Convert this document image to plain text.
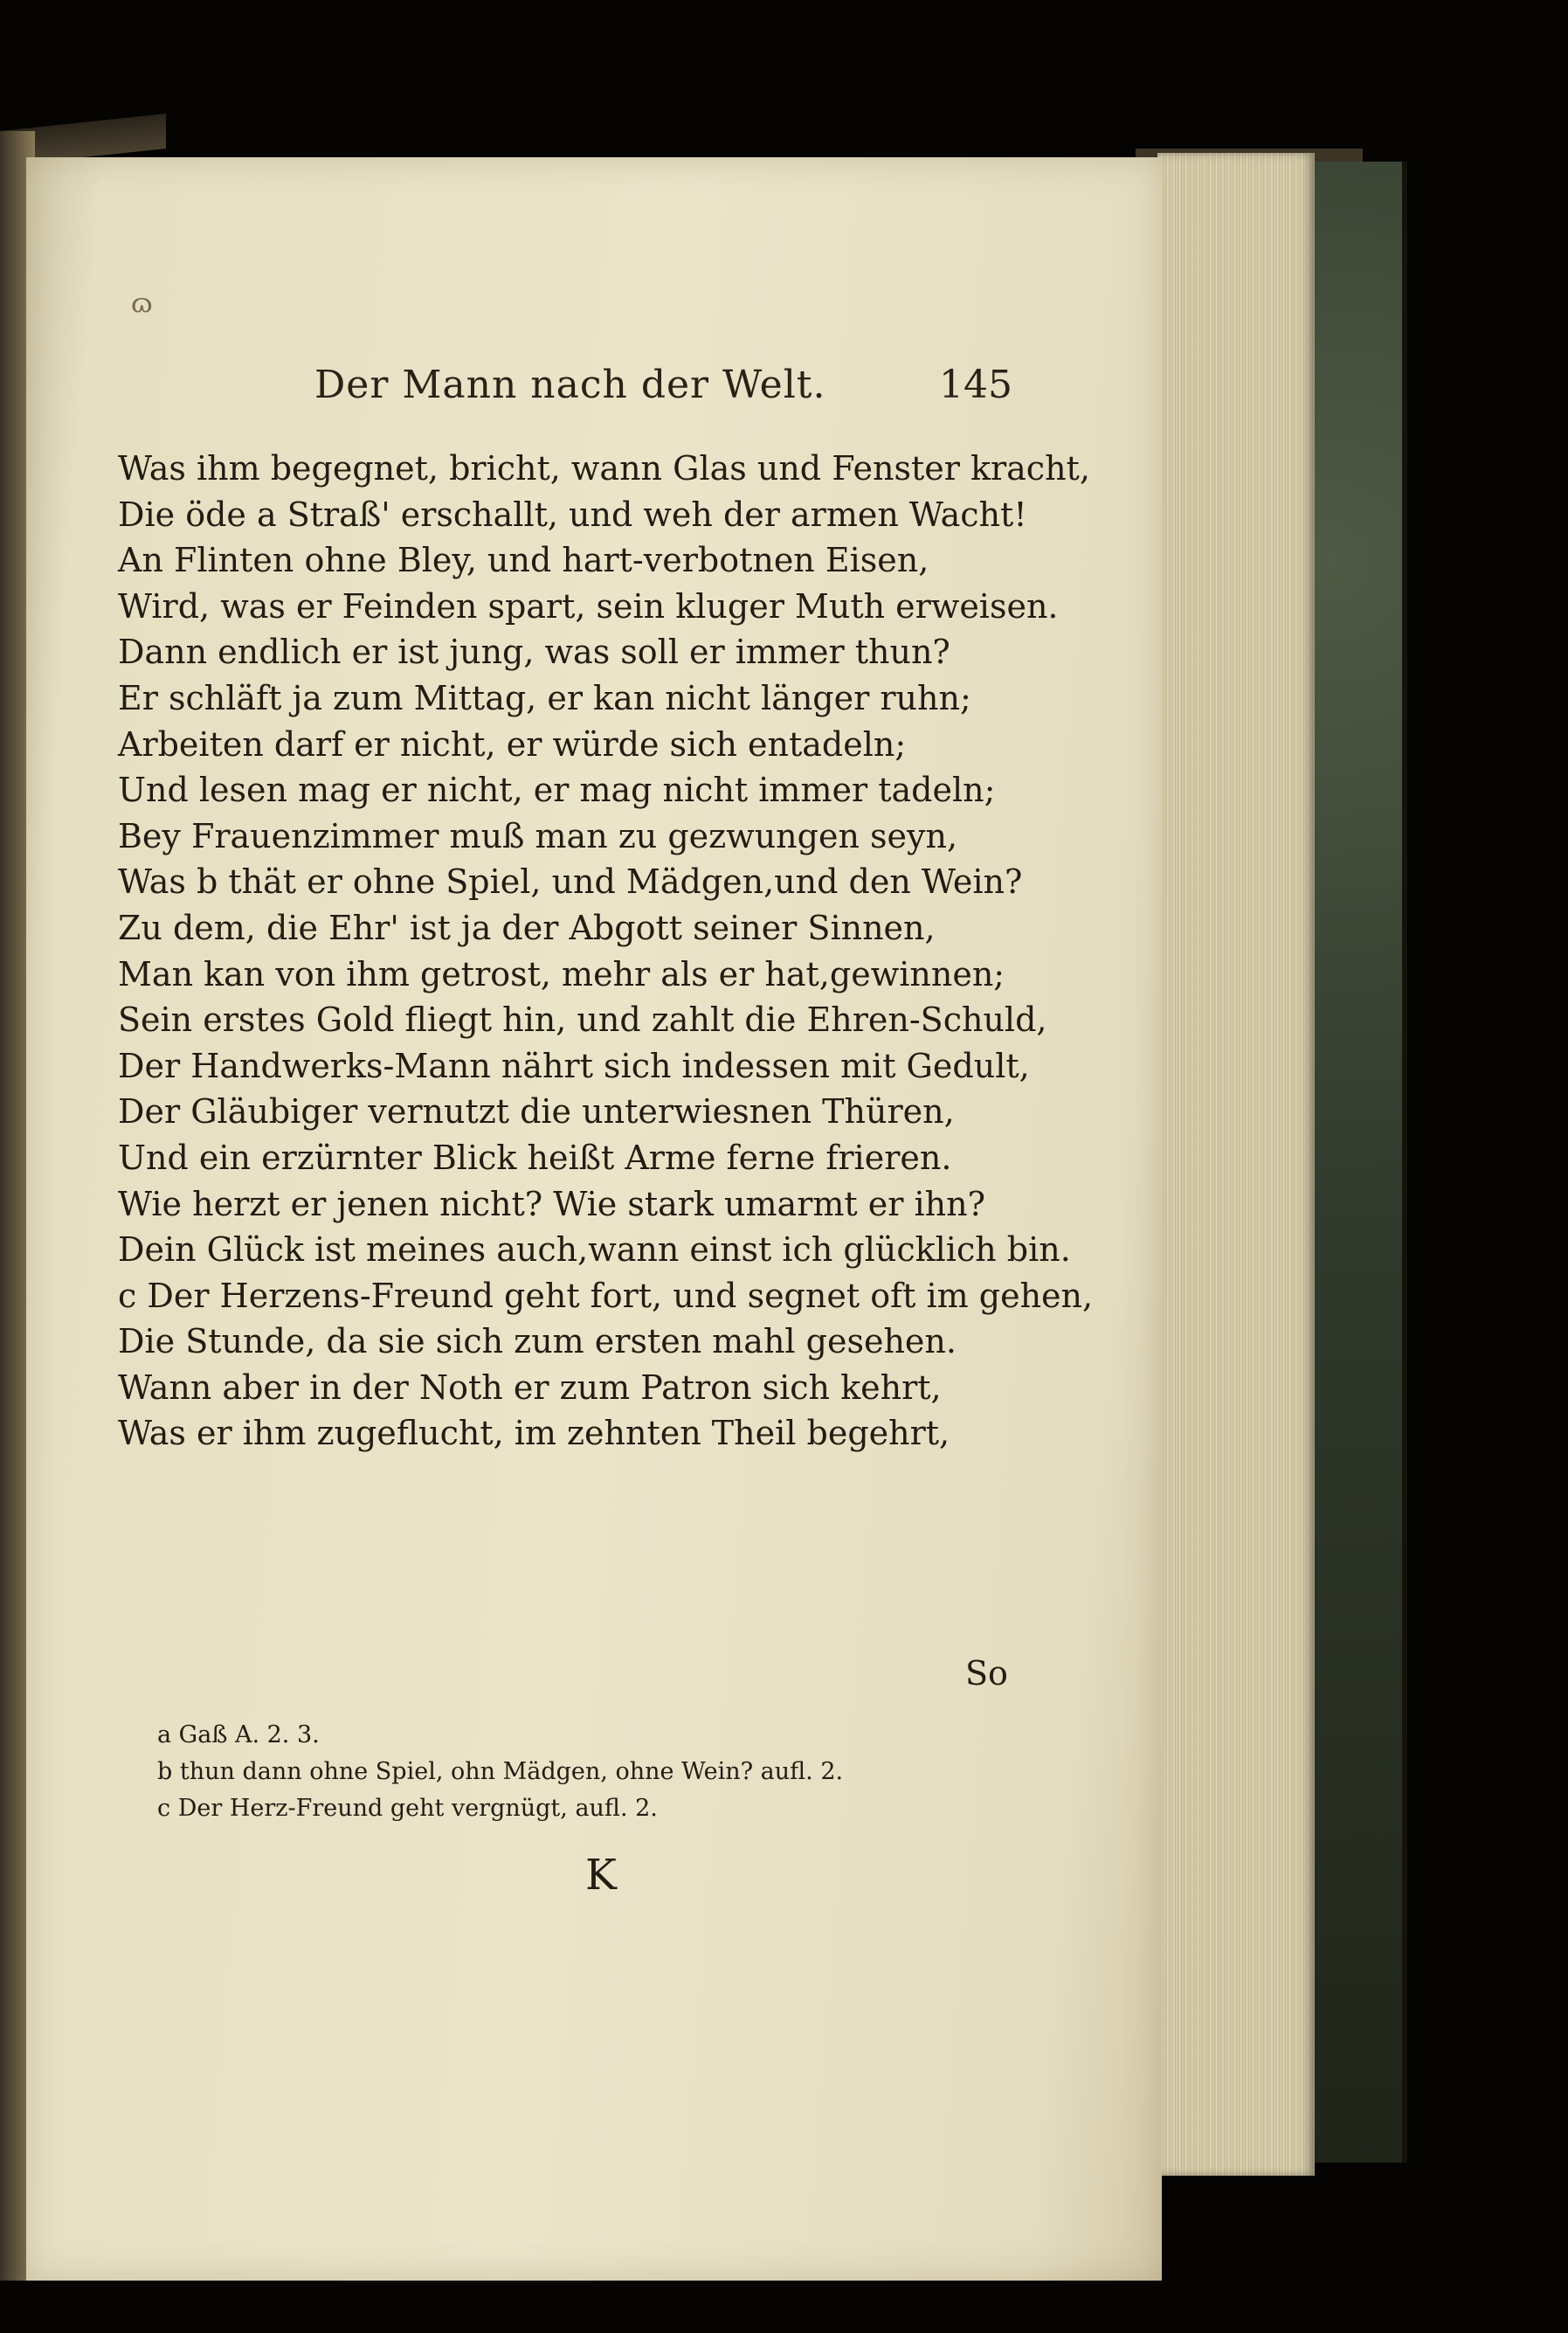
ɷ
Der Mann nach der Welt.	145
Was ihm begegnet, bricht, wann Glas und Fenster kracht,
Die öde a Straß' erschallt, und weh der armen Wacht!
An Flinten ohne Bley, und hart-verbotnen Eisen,
Wird, was er Feinden spart, sein kluger Muth erweisen.
Dann endlich er ist jung, was soll er immer thun?
Er schläft ja zum Mittag, er kan nicht länger ruhn;
Arbeiten darf er nicht, er würde sich entadeln;
Und lesen mag er nicht, er mag nicht immer tadeln;
Bey Frauenzimmer muß man zu gezwungen seyn,
Was b thät er ohne Spiel, und Mädgen,und den Wein?
Zu dem, die Ehr' ist ja der Abgott seiner Sinnen,
Man kan von ihm getrost, mehr als er hat,gewinnen;
Sein erstes Gold fliegt hin, und zahlt die Ehren-Schuld,
Der Handwerks-Mann nährt sich indessen mit Gedult,
Der Gläubiger vernutzt die unterwiesnen Thüren,
Und ein erzürnter Blick heißt Arme ferne frieren.
Wie herzt er jenen nicht? Wie stark umarmt er ihn?
Dein Glück ist meines auch,wann einst ich glücklich bin.
c Der Herzens-Freund geht fort, und segnet oft im gehen,
Die Stunde, da sie sich zum ersten mahl gesehen.
Wann aber in der Noth er zum Patron sich kehrt,
Was er ihm zugeflucht, im zehnten Theil begehrt,
So
a Gaß A. 2. 3.
b thun dann ohne Spiel, ohn Mädgen, ohne Wein? aufl. 2.
c Der Herz-Freund geht vergnügt, aufl. 2.
K
